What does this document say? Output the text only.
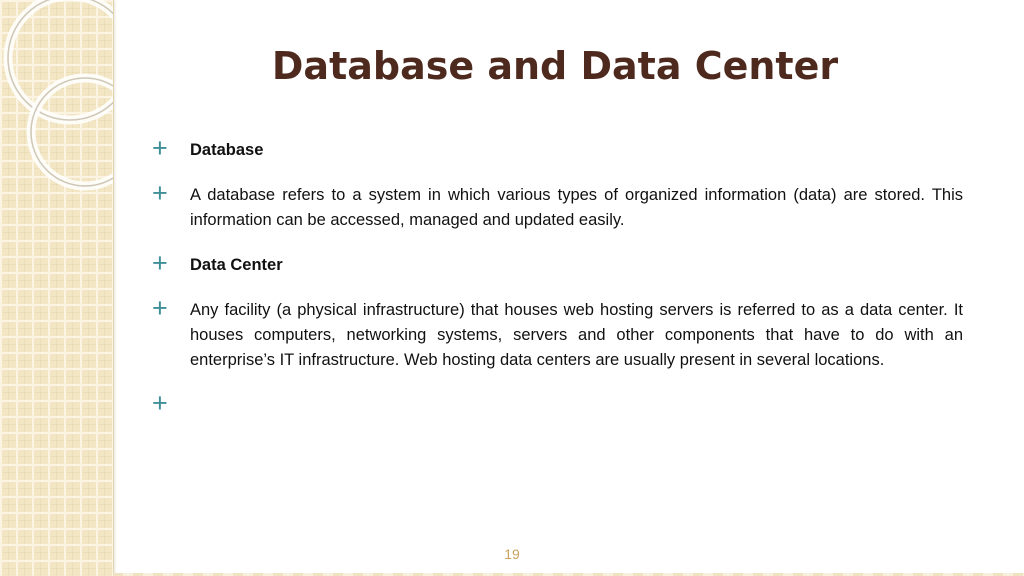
Database and Data Center
+ Database
+ A database refers to a system in which various types of organized information (data) are stored. This information can be accessed, managed and updated easily.
+ Data Center
+ Any facility (a physical infrastructure) that houses web hosting servers is referred to as a data center. It houses computers, networking systems, servers and other components that have to do with an enterprise’s IT infrastructure. Web hosting data centers are usually present in several locations.
+
19
